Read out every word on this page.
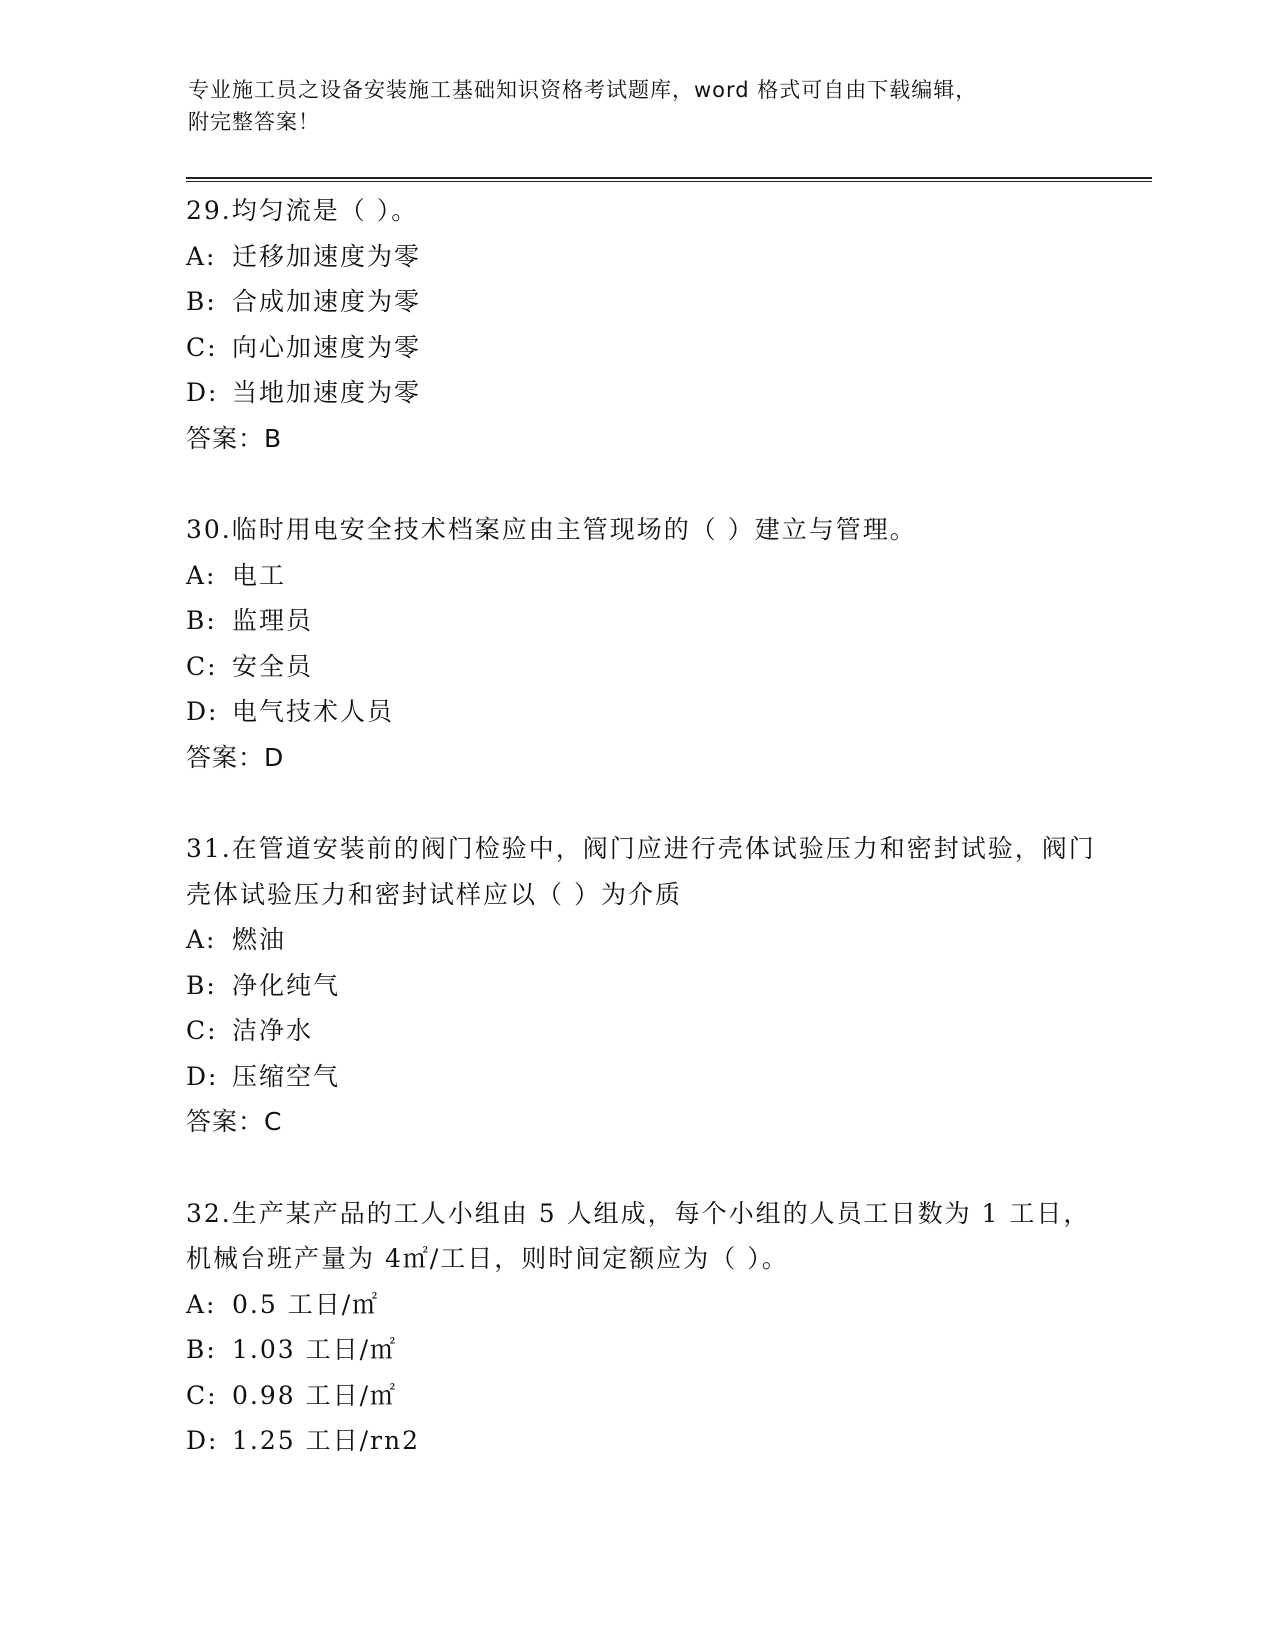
专业施工员之设备安装施工基础知识资格考试题库，word 格式可自由下载编辑，
附完整答案！

29.均匀流是（ ）。

A: 迁移加速度为零

B: 合成加速度为零

C: 向心加速度为零

D: 当地加速度为零

答案：B

30.临时用电安全技术档案应由主管现场的（ ）建立与管理。

A: 电工

B: 监理员

C: 安全员

D: 电气技术人员

答案：D

31.在管道安装前的阀门检验中，阀门应进行壳体试验压力和密封试验，阀门壳体试验压力和密封试样应以（ ）为介质

A: 燃油

B: 净化纯气

C: 洁净水

D: 压缩空气

答案：C

32.生产某产品的工人小组由 5 人组成，每个小组的人员工日数为 1 工日，机械台班产量为 4㎡/工日，则时间定额应为（ ）。

A: 0.5 工日/㎡

B: 1.03 工日/㎡

C: 0.98 工日/㎡

D: 1.25 工日/rn2
